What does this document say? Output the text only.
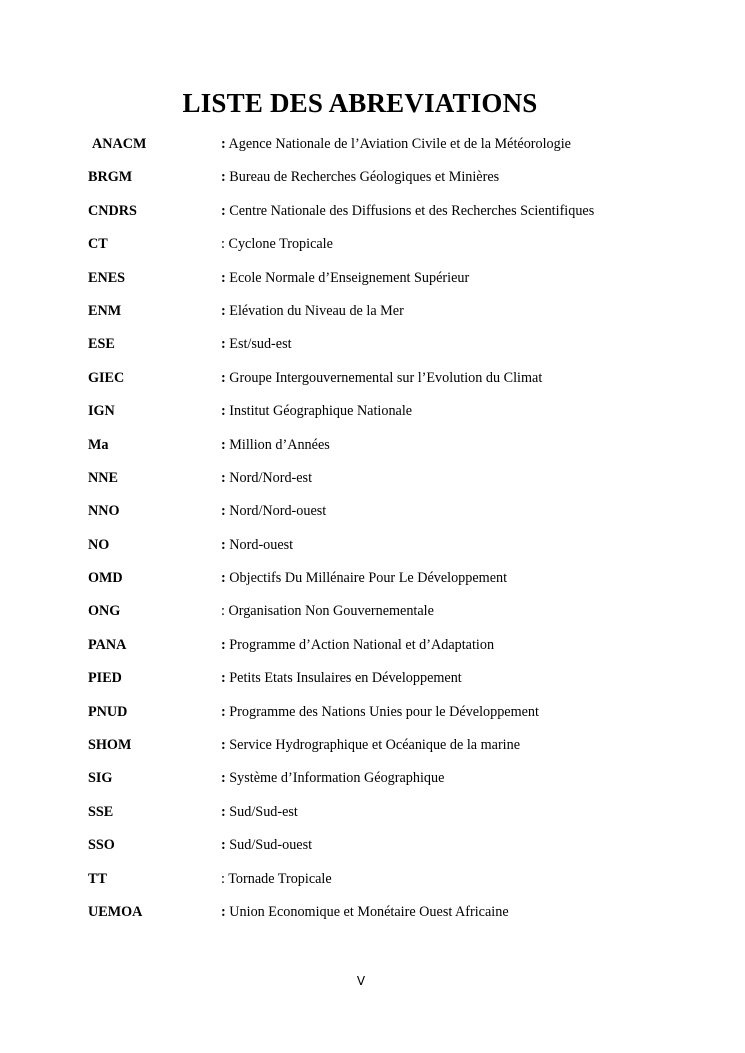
LISTE DES ABREVIATIONS
ANACM	: Agence Nationale de l’Aviation Civile et de la Météorologie
BRGM	: Bureau de Recherches Géologiques et Minières
CNDRS	: Centre Nationale des Diffusions et des Recherches Scientifiques
CT	: Cyclone Tropicale
ENES	: Ecole Normale d’Enseignement Supérieur
ENM	: Elévation du Niveau de la Mer
ESE	: Est/sud-est
GIEC	: Groupe Intergouvernemental sur l’Evolution du Climat
IGN	: Institut Géographique Nationale
Ma	: Million d’Années
NNE	: Nord/Nord-est
NNO	: Nord/Nord-ouest
NO	: Nord-ouest
OMD	: Objectifs Du Millénaire Pour Le Développement
ONG	: Organisation Non Gouvernementale
PANA	: Programme d’Action National et d’Adaptation
PIED	: Petits Etats Insulaires en Développement
PNUD	: Programme des Nations Unies pour le Développement
SHOM	: Service Hydrographique et Océanique de la marine
SIG	: Système d’Information Géographique
SSE	: Sud/Sud-est
SSO	: Sud/Sud-ouest
TT	: Tornade Tropicale
UEMOA	: Union Economique et Monétaire Ouest Africaine
V
